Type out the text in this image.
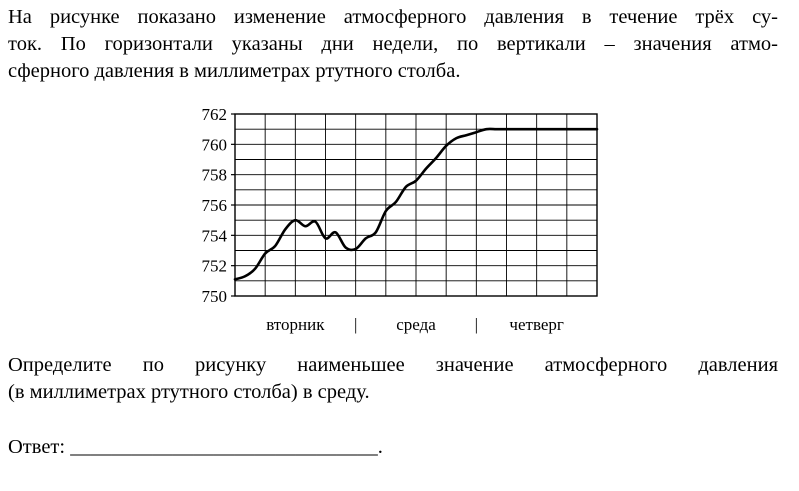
На рисунке показано изменение атмосферного давления в течение трёх су-
ток. По горизонтали указаны дни недели, по вертикали – значения атмо-
сферного давления в миллиметрах ртутного столба.

750
752
754
756
758
760
762
вторник	среда
|	четверг
|

Определите по рисунку наименьшее значение атмосферного давления
(в миллиметрах ртутного столба) в среду.

Ответ: ______________________________.
